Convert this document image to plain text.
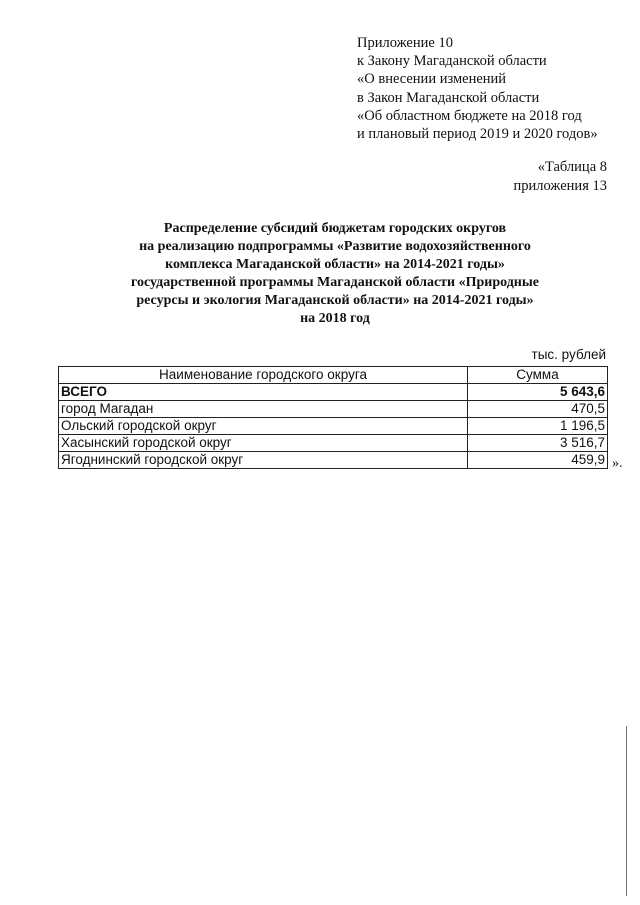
Приложение 10
к Закону Магаданской области
«О внесении изменений
в Закон Магаданской области
«Об областном бюджете на 2018 год
и плановый период 2019 и 2020 годов»
«Таблица 8
приложения 13
Распределение субсидий бюджетам городских округов
на реализацию подпрограммы «Развитие водохозяйственного
комплекса Магаданской области» на 2014-2021 годы»
государственной программы Магаданской области «Природные
ресурсы и экология Магаданской области» на 2014-2021 годы»
на 2018 год
тыс. рублей
Наименование городского округа	Сумма
ВСЕГО	5 643,6
город Магадан	470,5
Ольский городской округ	1 196,5
Хасынский городской округ	3 516,7
Ягоднинский городской округ	459,9 ».
